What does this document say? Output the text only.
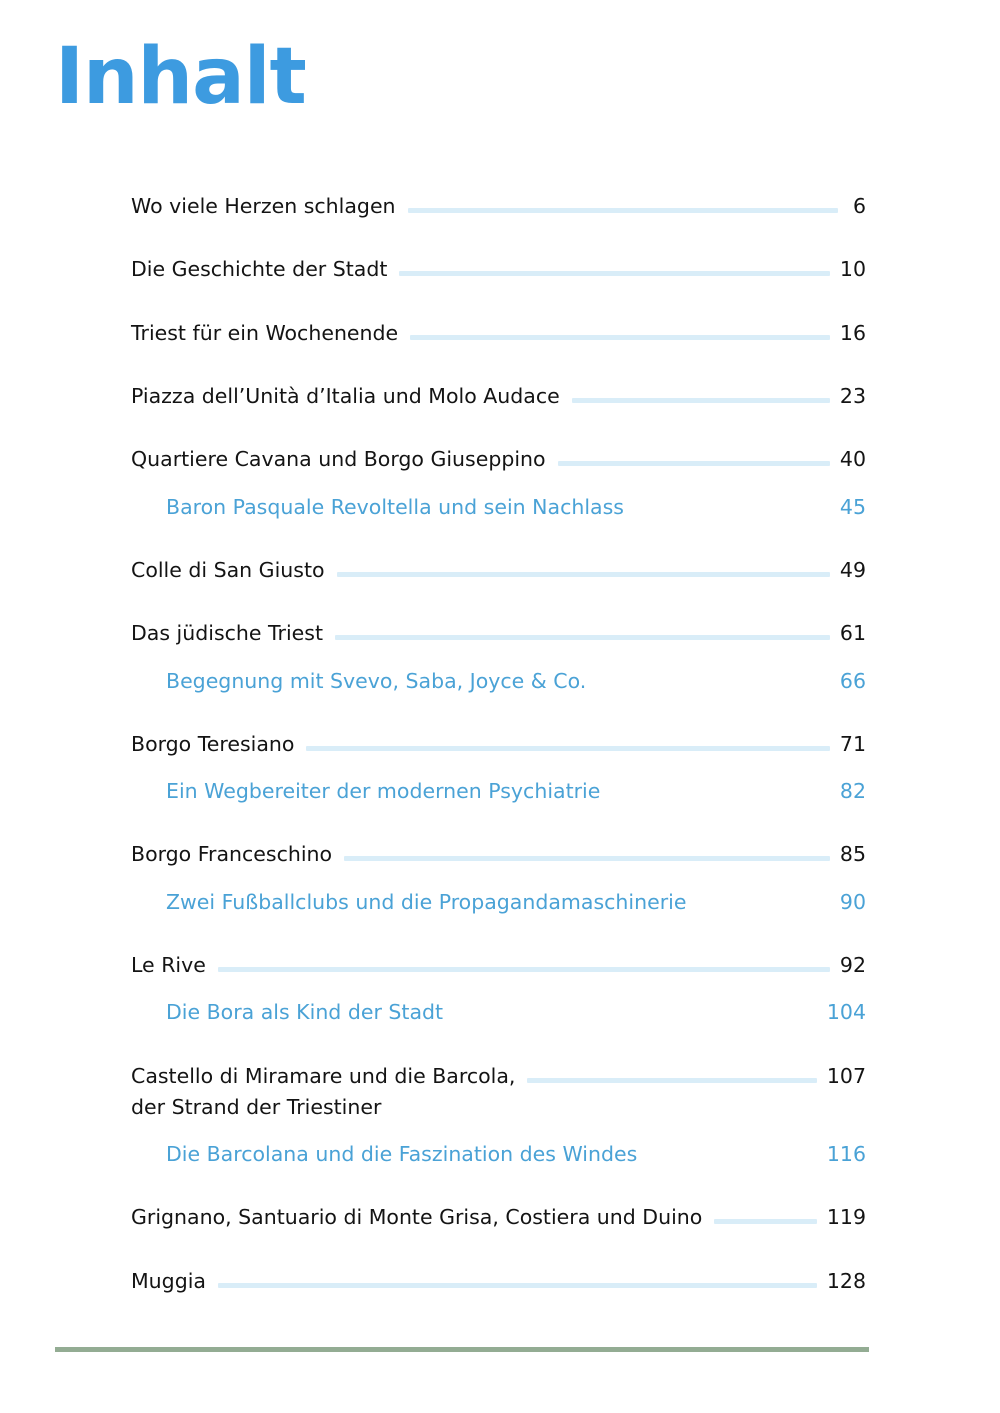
Inhalt
Wo viele Herzen schlagen	6
Die Geschichte der Stadt	10
Triest für ein Wochenende	16
Piazza dell’Unità d’Italia und Molo Audace	23
Quartiere Cavana und Borgo Giuseppino	40
Baron Pasquale Revoltella und sein Nachlass	45
Colle di San Giusto	49
Das jüdische Triest	61
Begegnung mit Svevo, Saba, Joyce & Co.	66
Borgo Teresiano	71
Ein Wegbereiter der modernen Psychiatrie	82
Borgo Franceschino	85
Zwei Fußballclubs und die Propagandamaschinerie	90
Le Rive	92
Die Bora als Kind der Stadt	104
Castello di Miramare und die Barcola,	107
der Strand der Triestiner
Die Barcolana und die Faszination des Windes	116
Grignano, Santuario di Monte Grisa, Costiera und Duino	119
Muggia	128
